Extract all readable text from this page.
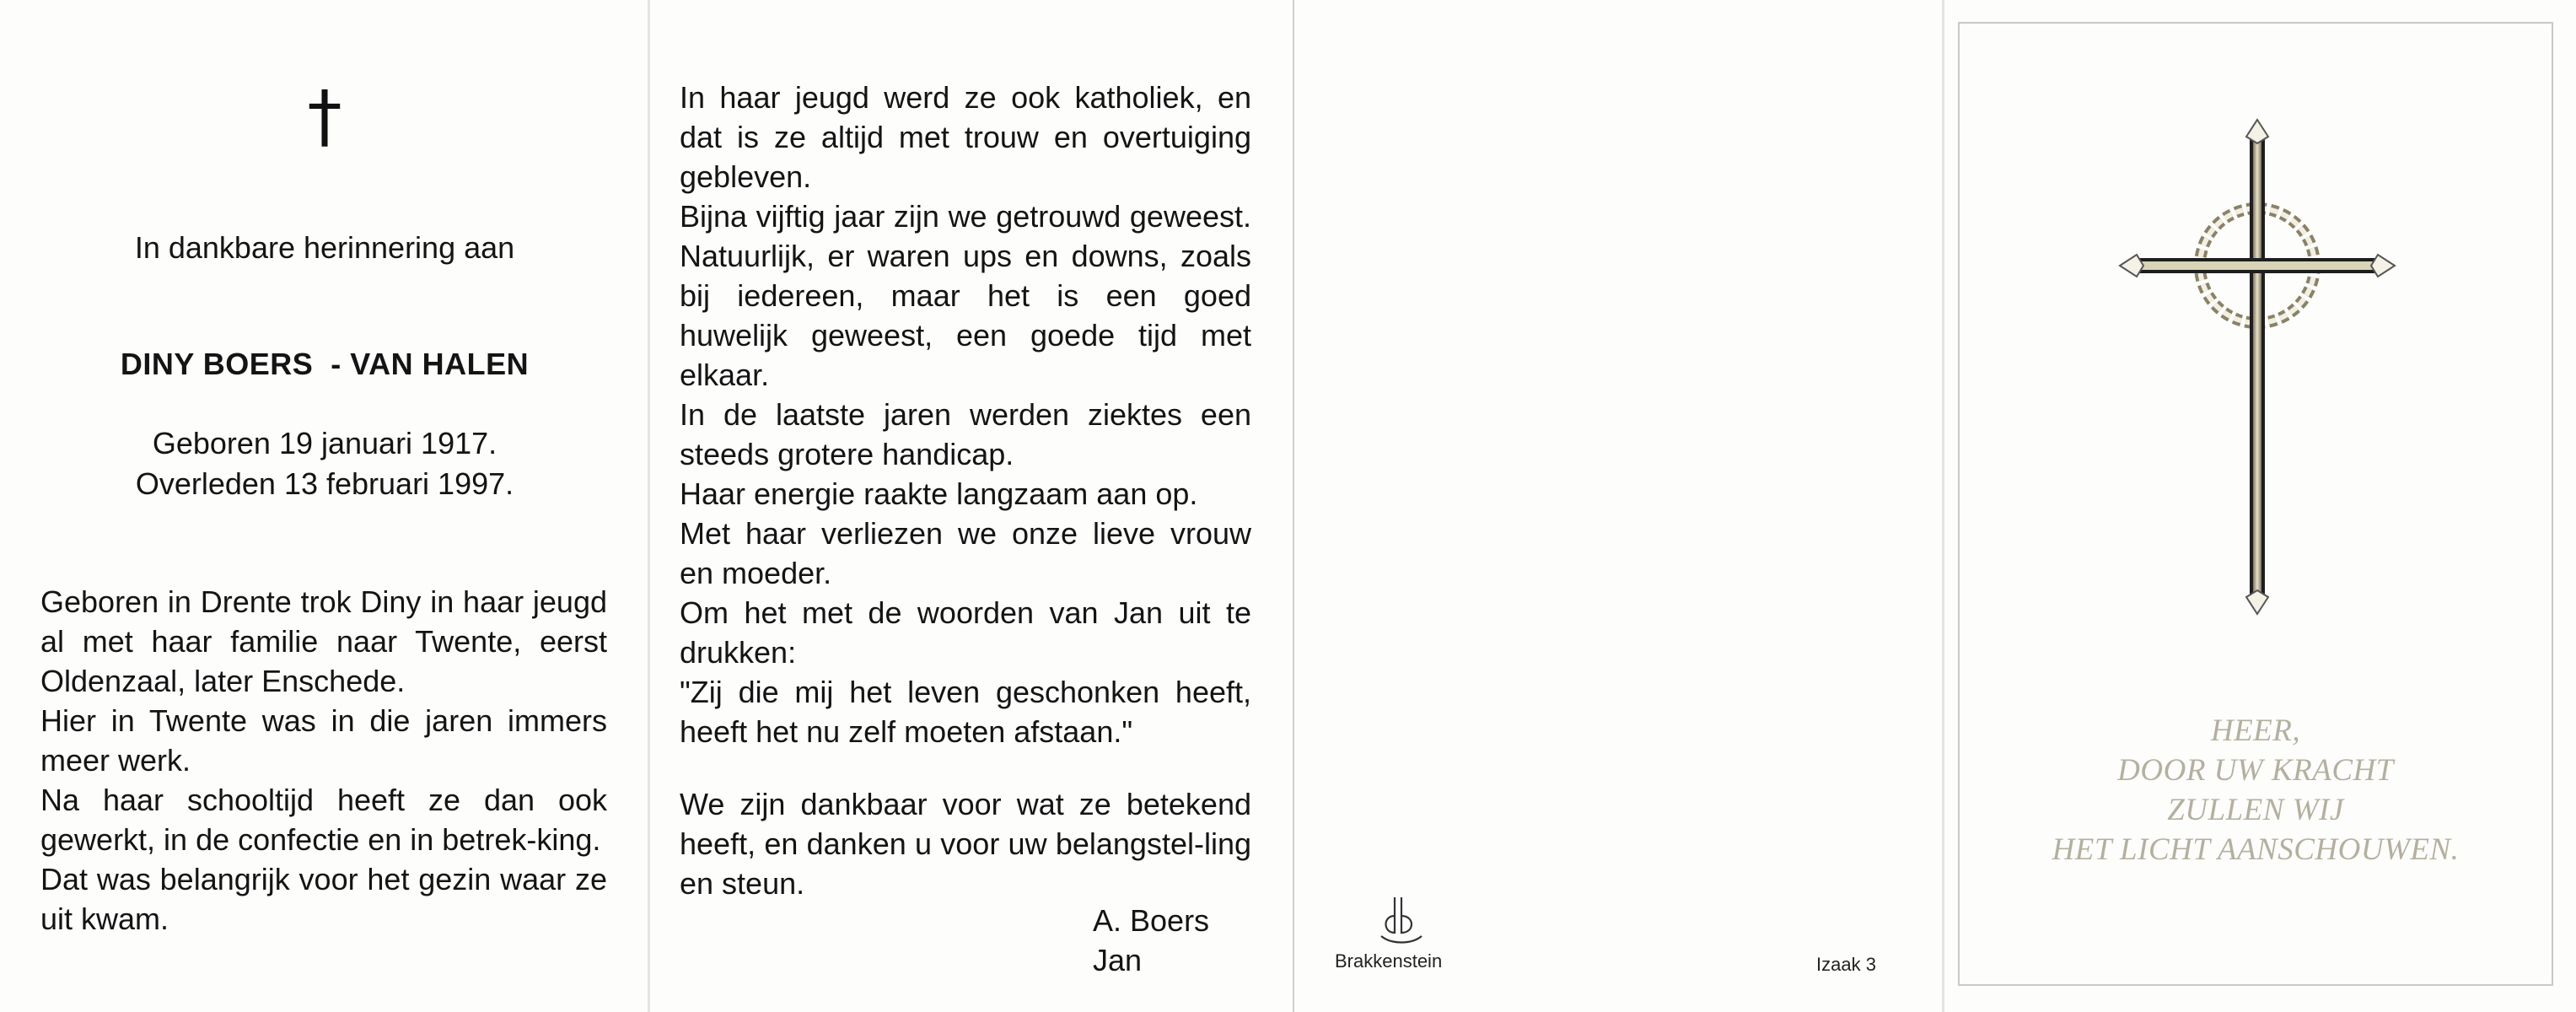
†
In dankbare herinnering aan
DINY BOERS  - VAN HALEN
Geboren 19 januari 1917.
Overleden 13 februari 1997.

Geboren in Drente trok Diny in haar jeugd al met haar familie naar Twente, eerst Oldenzaal, later Enschede.

Hier in Twente was in die jaren immers meer werk.

Na haar schooltijd heeft ze dan ook gewerkt, in de confectie en in betrek-king.

Dat was belangrijk voor het gezin waar ze uit kwam.

In haar jeugd werd ze ook katholiek, en dat is ze altijd met trouw en overtuiging gebleven.

Bijna vijftig jaar zijn we getrouwd geweest. Natuurlijk, er waren ups en downs, zoals bij iedereen, maar het is een goed huwelijk geweest, een goede tijd met elkaar.

In de laatste jaren werden ziektes een steeds grotere handicap.

Haar energie raakte langzaam aan op.

Met haar verliezen we onze lieve vrouw en moeder.

Om het met de woorden van Jan uit te drukken:

"Zij die mij het leven geschonken heeft, heeft het nu zelf moeten afstaan."

We zijn dankbaar voor wat ze betekend heeft, en danken u voor uw belangstel-ling en steun.

A. Boers
Jan	Brakkenstein	Izaak 3
HEER,
DOOR UW KRACHT
ZULLEN WIJ
HET LICHT AANSCHOUWEN.
